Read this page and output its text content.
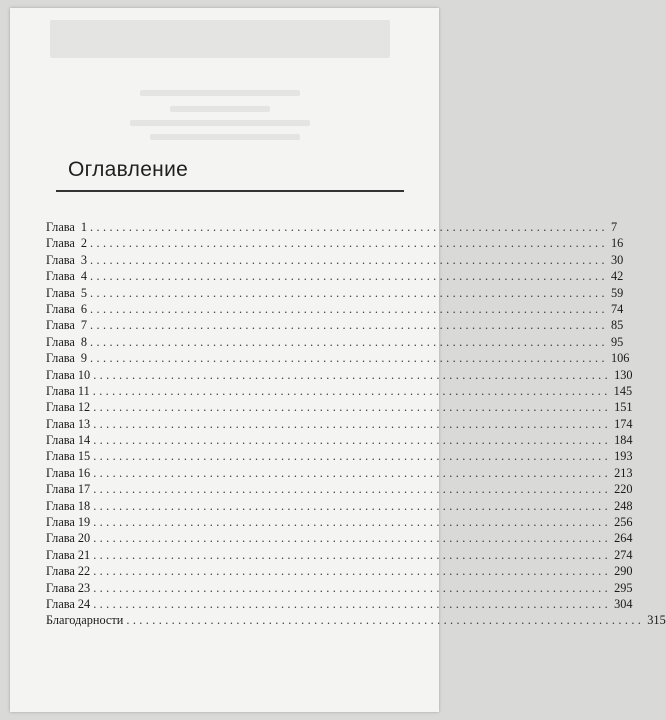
Оглавление
Глава 1 ................................................................................ 7
Глава 2 ................................................................................ 16
Глава 3 ................................................................................ 30
Глава 4 ................................................................................ 42
Глава 5 ................................................................................ 59
Глава 6 ................................................................................ 74
Глава 7 ................................................................................ 85
Глава 8 ................................................................................ 95
Глава 9 ................................................................................ 106
Глава 10 ................................................................................ 130
Глава 11 ................................................................................ 145
Глава 12 ................................................................................ 151
Глава 13 ................................................................................ 174
Глава 14 ................................................................................ 184
Глава 15 ................................................................................ 193
Глава 16 ................................................................................ 213
Глава 17 ................................................................................ 220
Глава 18 ................................................................................ 248
Глава 19 ................................................................................ 256
Глава 20 ................................................................................ 264
Глава 21 ................................................................................ 274
Глава 22 ................................................................................ 290
Глава 23 ................................................................................ 295
Глава 24 ................................................................................ 304
Благодарности ................................................................................ 315
